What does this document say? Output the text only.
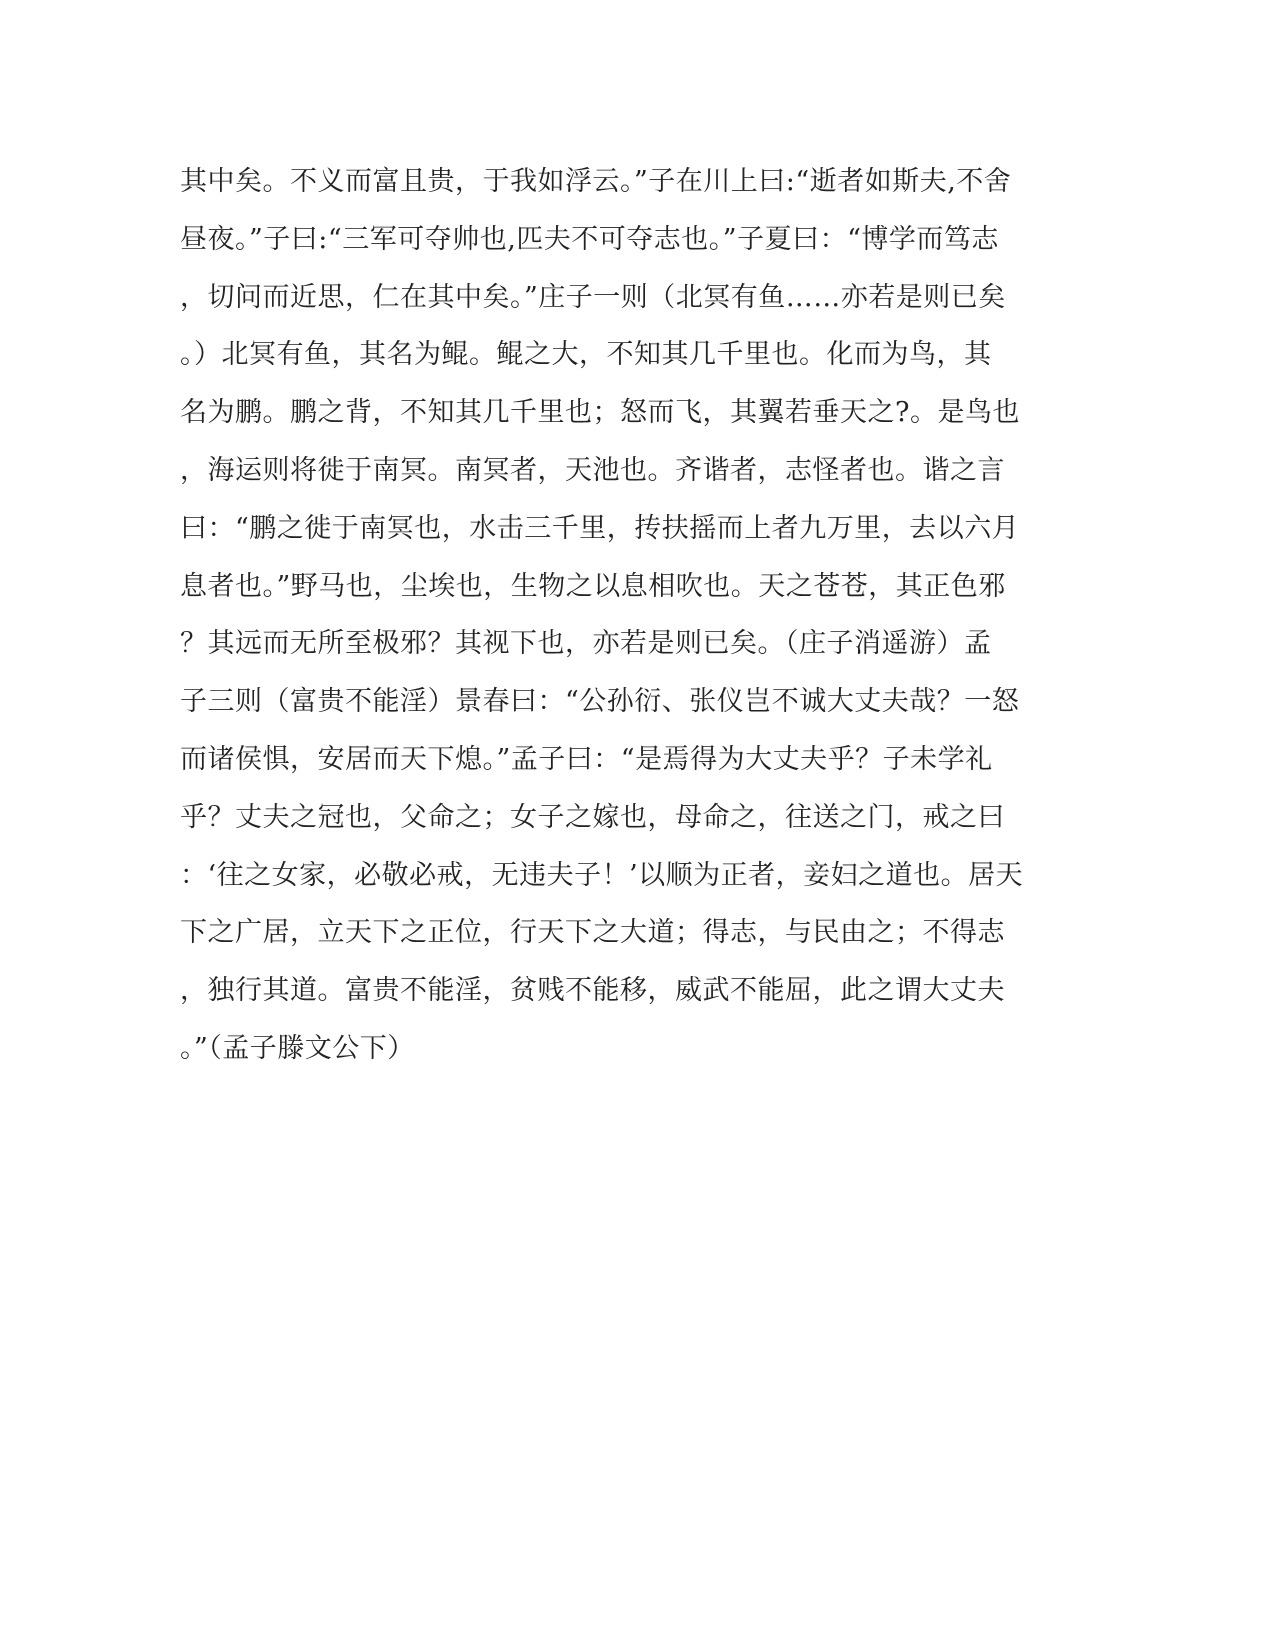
其中矣。不义而富且贵，于我如浮云。”子在川上曰:“逝者如斯夫,不舍
昼夜。”子曰:“三军可夺帅也,匹夫不可夺志也。”子夏曰：“博学而笃志
，切问而近思，仁在其中矣。”庄子一则（北冥有鱼……亦若是则已矣
。）北冥有鱼，其名为鲲。鲲之大，不知其几千里也。化而为鸟，其
名为鹏。鹏之背，不知其几千里也；怒而飞，其翼若垂天之?。是鸟也
，海运则将徙于南冥。南冥者，天池也。齐谐者，志怪者也。谐之言
曰：“鹏之徙于南冥也，水击三千里，抟扶摇而上者九万里，去以六月
息者也。”野马也，尘埃也，生物之以息相吹也。天之苍苍，其正色邪
？其远而无所至极邪？其视下也，亦若是则已矣。（庄子消遥游）孟
子三则（富贵不能淫）景春曰：“公孙衍、张仪岂不诚大丈夫哉？一怒
而诸侯惧，安居而天下熄。”孟子曰：“是焉得为大丈夫乎？子未学礼
乎？丈夫之冠也，父命之；女子之嫁也，母命之，往送之门，戒之曰
：‘往之女家，必敬必戒，无违夫子！’以顺为正者，妾妇之道也。居天
下之广居，立天下之正位，行天下之大道；得志，与民由之；不得志
，独行其道。富贵不能淫，贫贱不能移，威武不能屈，此之谓大丈夫
。”（孟子滕文公下）
